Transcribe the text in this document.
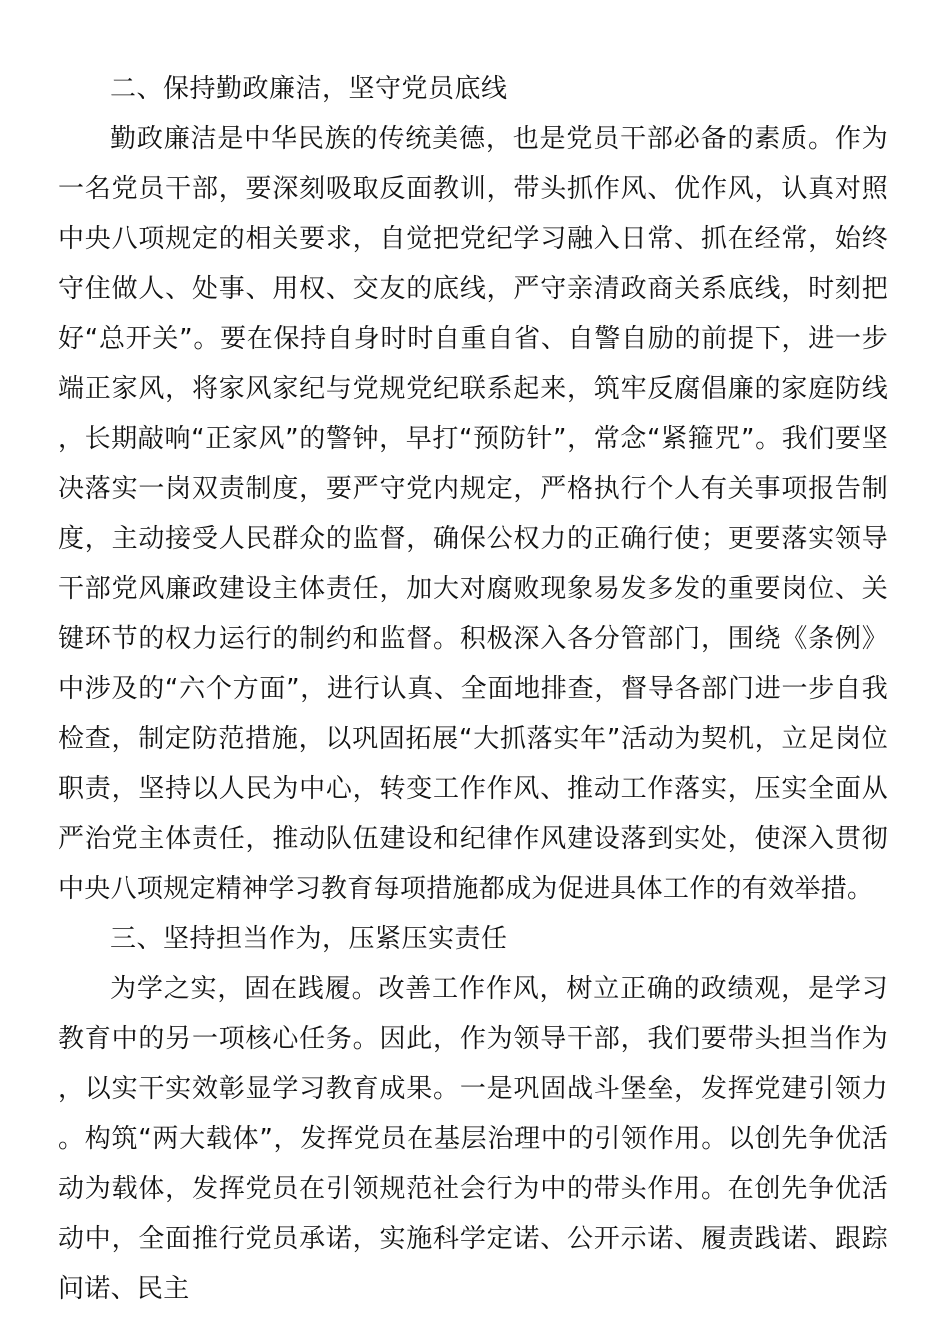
二、保持勤政廉洁，坚守党员底线

勤政廉洁是中华民族的传统美德，也是党员干部必备的素质。作为一名党员干部，要深刻吸取反面教训，带头抓作风、优作风，认真对照中央八项规定的相关要求，自觉把党纪学习融入日常、抓在经常，始终守住做人、处事、用权、交友的底线，严守亲清政商关系底线，时刻把好“总开关”。要在保持自身时时自重自省、自警自励的前提下，进一步端正家风，将家风家纪与党规党纪联系起来，筑牢反腐倡廉的家庭防线，长期敲响“正家风”的警钟，早打“预防针”，常念“紧箍咒”。我们要坚决落实一岗双责制度，要严守党内规定，严格执行个人有关事项报告制度，主动接受人民群众的监督，确保公权力的正确行使；更要落实领导干部党风廉政建设主体责任，加大对腐败现象易发多发的重要岗位、关键环节的权力运行的制约和监督。积极深入各分管部门，围绕《条例》中涉及的“六个方面”，进行认真、全面地排查，督导各部门进一步自我检查，制定防范措施，以巩固拓展“大抓落实年”活动为契机，立足岗位职责，坚持以人民为中心，转变工作作风、推动工作落实，压实全面从严治党主体责任，推动队伍建设和纪律作风建设落到实处，使深入贯彻中央八项规定精神学习教育每项措施都成为促进具体工作的有效举措。

三、坚持担当作为，压紧压实责任

为学之实，固在践履。改善工作作风，树立正确的政绩观，是学习教育中的另一项核心任务。因此，作为领导干部，我们要带头担当作为，以实干实效彰显学习教育成果。一是巩固战斗堡垒，发挥党建引领力。构筑“两大载体”，发挥党员在基层治理中的引领作用。以创先争优活动为载体，发挥党员在引领规范社会行为中的带头作用。在创先争优活动中，全面推行党员承诺，实施科学定诺、公开示诺、履责践诺、跟踪问诺、民主
